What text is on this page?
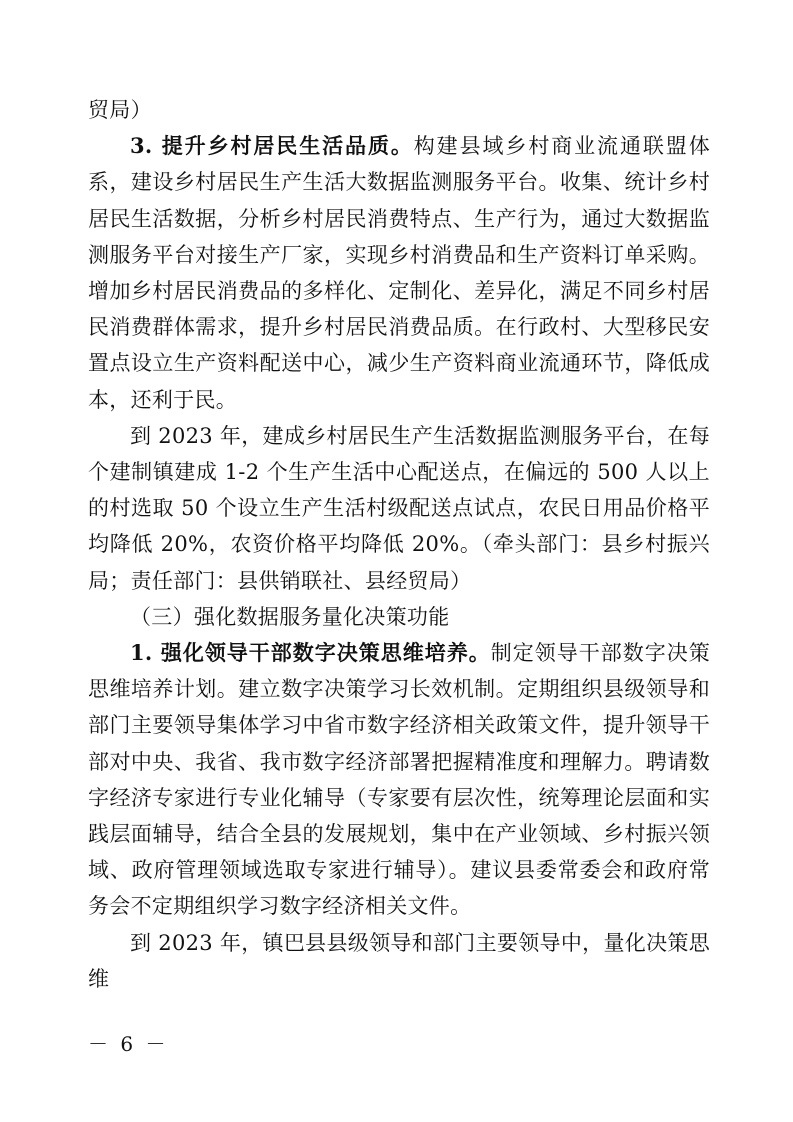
贸局）

3. 提升乡村居民生活品质。构建县域乡村商业流通联盟体系，建设乡村居民生产生活大数据监测服务平台。收集、统计乡村居民生活数据，分析乡村居民消费特点、生产行为，通过大数据监测服务平台对接生产厂家，实现乡村消费品和生产资料订单采购。增加乡村居民消费品的多样化、定制化、差异化，满足不同乡村居民消费群体需求，提升乡村居民消费品质。在行政村、大型移民安置点设立生产资料配送中心，减少生产资料商业流通环节，降低成本，还利于民。

到 2023 年，建成乡村居民生产生活数据监测服务平台，在每个建制镇建成 1-2 个生产生活中心配送点，在偏远的 500 人以上的村选取 50 个设立生产生活村级配送点试点，农民日用品价格平均降低 20%，农资价格平均降低 20%。（牵头部门：县乡村振兴局；责任部门：县供销联社、县经贸局）

（三）强化数据服务量化决策功能

1. 强化领导干部数字决策思维培养。制定领导干部数字决策思维培养计划。建立数字决策学习长效机制。定期组织县级领导和部门主要领导集体学习中省市数字经济相关政策文件，提升领导干部对中央、我省、我市数字经济部署把握精准度和理解力。聘请数字经济专家进行专业化辅导（专家要有层次性，统筹理论层面和实践层面辅导，结合全县的发展规划，集中在产业领域、乡村振兴领域、政府管理领域选取专家进行辅导）。建议县委常委会和政府常务会不定期组织学习数字经济相关文件。

到 2023 年，镇巴县县级领导和部门主要领导中，量化决策思维

－ 6 －
